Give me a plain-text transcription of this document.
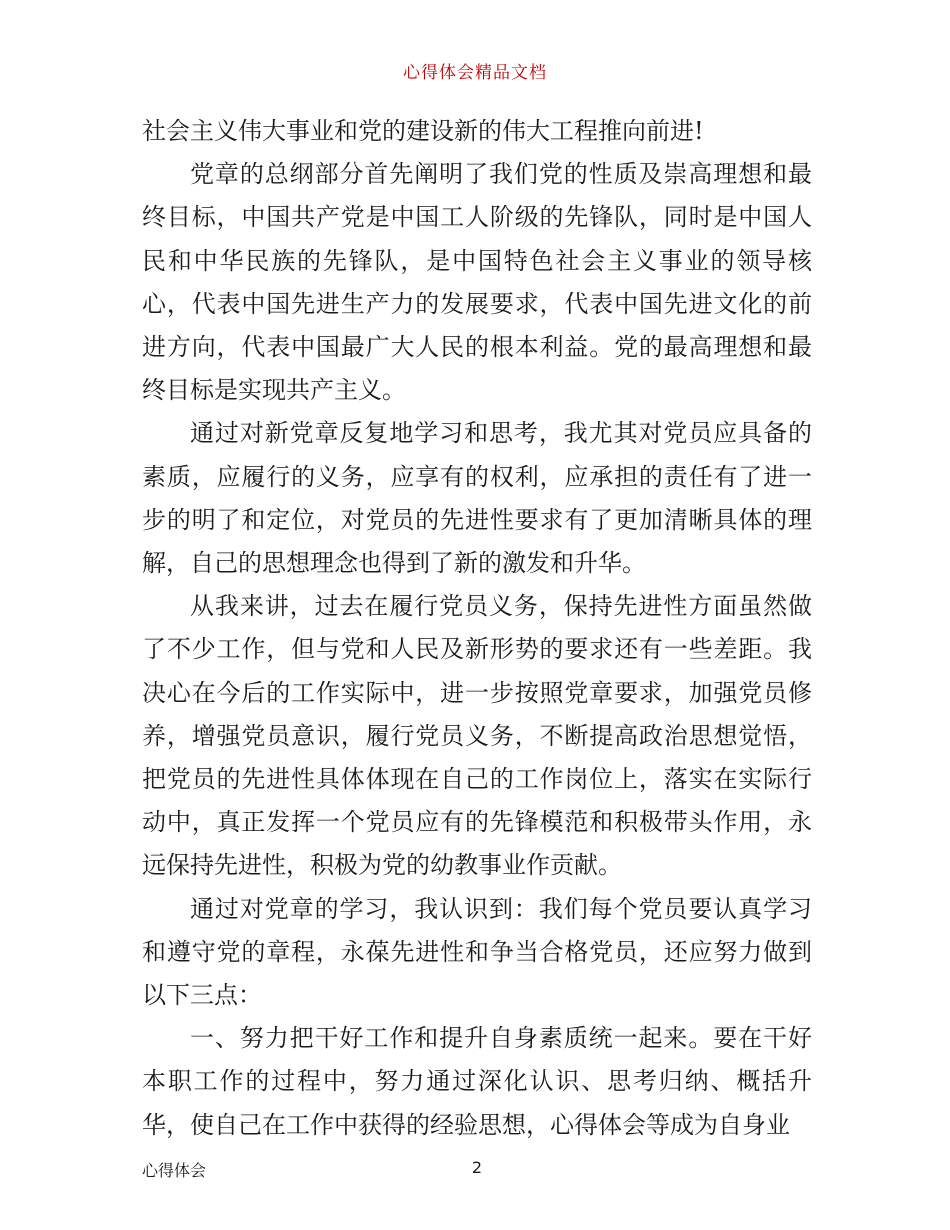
心得体会精品文档

社会主义伟大事业和党的建设新的伟大工程推向前进!

党章的总纲部分首先阐明了我们党的性质及崇高理想和最终目标，中国共产党是中国工人阶级的先锋队，同时是中国人民和中华民族的先锋队，是中国特色社会主义事业的领导核心，代表中国先进生产力的发展要求，代表中国先进文化的前进方向，代表中国最广大人民的根本利益。党的最高理想和最终目标是实现共产主义。

通过对新党章反复地学习和思考，我尤其对党员应具备的素质，应履行的义务，应享有的权利，应承担的责任有了进一步的明了和定位，对党员的先进性要求有了更加清晰具体的理解，自己的思想理念也得到了新的激发和升华。

从我来讲，过去在履行党员义务，保持先进性方面虽然做了不少工作，但与党和人民及新形势的要求还有一些差距。我决心在今后的工作实际中，进一步按照党章要求，加强党员修养，增强党员意识，履行党员义务，不断提高政治思想觉悟，把党员的先进性具体体现在自己的工作岗位上，落实在实际行动中，真正发挥一个党员应有的先锋模范和积极带头作用，永远保持先进性，积极为党的幼教事业作贡献。

通过对党章的学习，我认识到：我们每个党员要认真学习和遵守党的章程，永葆先进性和争当合格党员，还应努力做到以下三点：

一、努力把干好工作和提升自身素质统一起来。要在干好本职工作的过程中，努力通过深化认识、思考归纳、概括升华，使自己在工作中获得的经验思想，心得体会等成为自身业

心得体会	2
